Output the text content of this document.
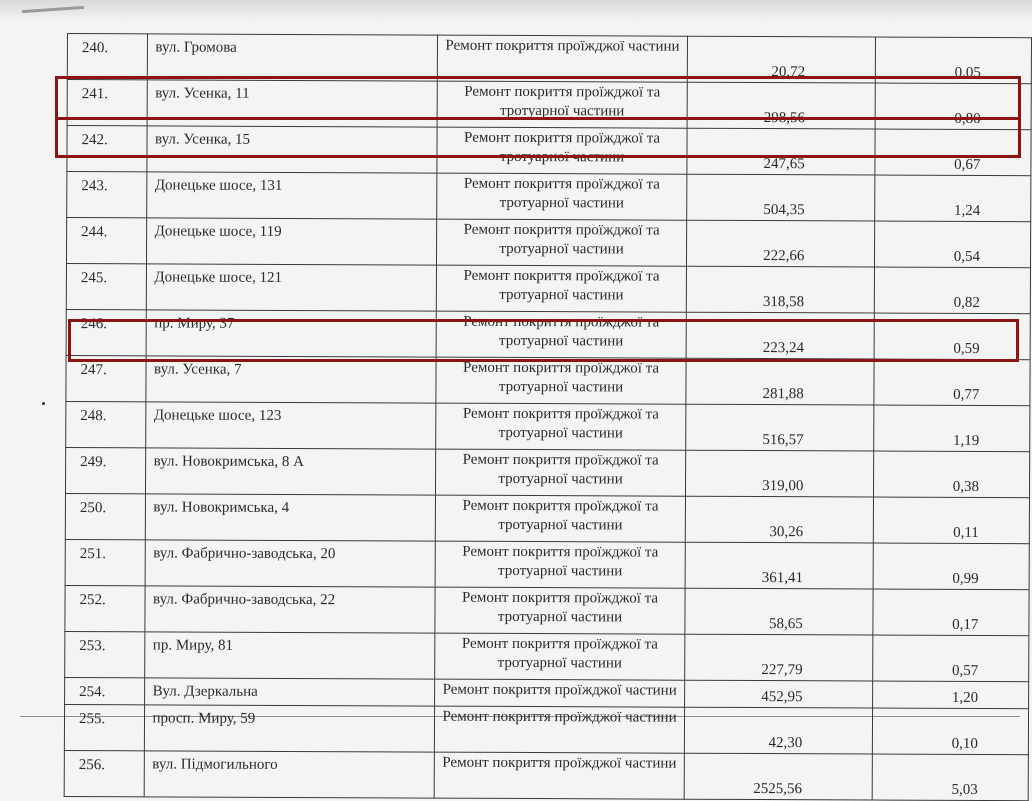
240.	вул. Громова	Ремонт покриття проїжджої частини	20,72	0,05
241.	вул. Усенка, 11	Ремонт покриття проїжджої та
тротуарної частини	298,56	0,80
242.	вул. Усенка, 15	Ремонт покриття проїжджої та
тротуарної частини	247,65	0,67
243.	Донецьке шосе, 131	Ремонт покриття проїжджої та
тротуарної частини	504,35	1,24
244.	Донецьке шосе, 119	Ремонт покриття проїжджої та
тротуарної частини	222,66	0,54
245.	Донецьке шосе, 121	Ремонт покриття проїжджої та
тротуарної частини	318,58	0,82
246.	пр. Миру, 37	Ремонт покриття проїжджої та
тротуарної частини	223,24	0,59
247.	вул. Усенка, 7	Ремонт покриття проїжджої та
тротуарної частини	281,88	0,77
248.	Донецьке шосе, 123	Ремонт покриття проїжджої та
тротуарної частини	516,57	1,19
249.	вул. Новокримська, 8 А	Ремонт покриття проїжджої та
тротуарної частини	319,00	0,38
250.	вул. Новокримська, 4	Ремонт покриття проїжджої та
тротуарної частини	30,26	0,11
251.	вул. Фабрично-заводська, 20	Ремонт покриття проїжджої та
тротуарної частини	361,41	0,99
252.	вул. Фабрично-заводська, 22	Ремонт покриття проїжджої та
тротуарної частини	58,65	0,17
253.	пр. Миру, 81	Ремонт покриття проїжджої та
тротуарної частини	227,79	0,57
254.	Вул. Дзеркальна	Ремонт покриття проїжджої частини	452,95	1,20
255.	просп. Миру, 59	Ремонт покриття проїжджої частини	42,30	0,10
256.	вул. Підмогильного	Ремонт покриття проїжджої частини	2525,56	5,03
